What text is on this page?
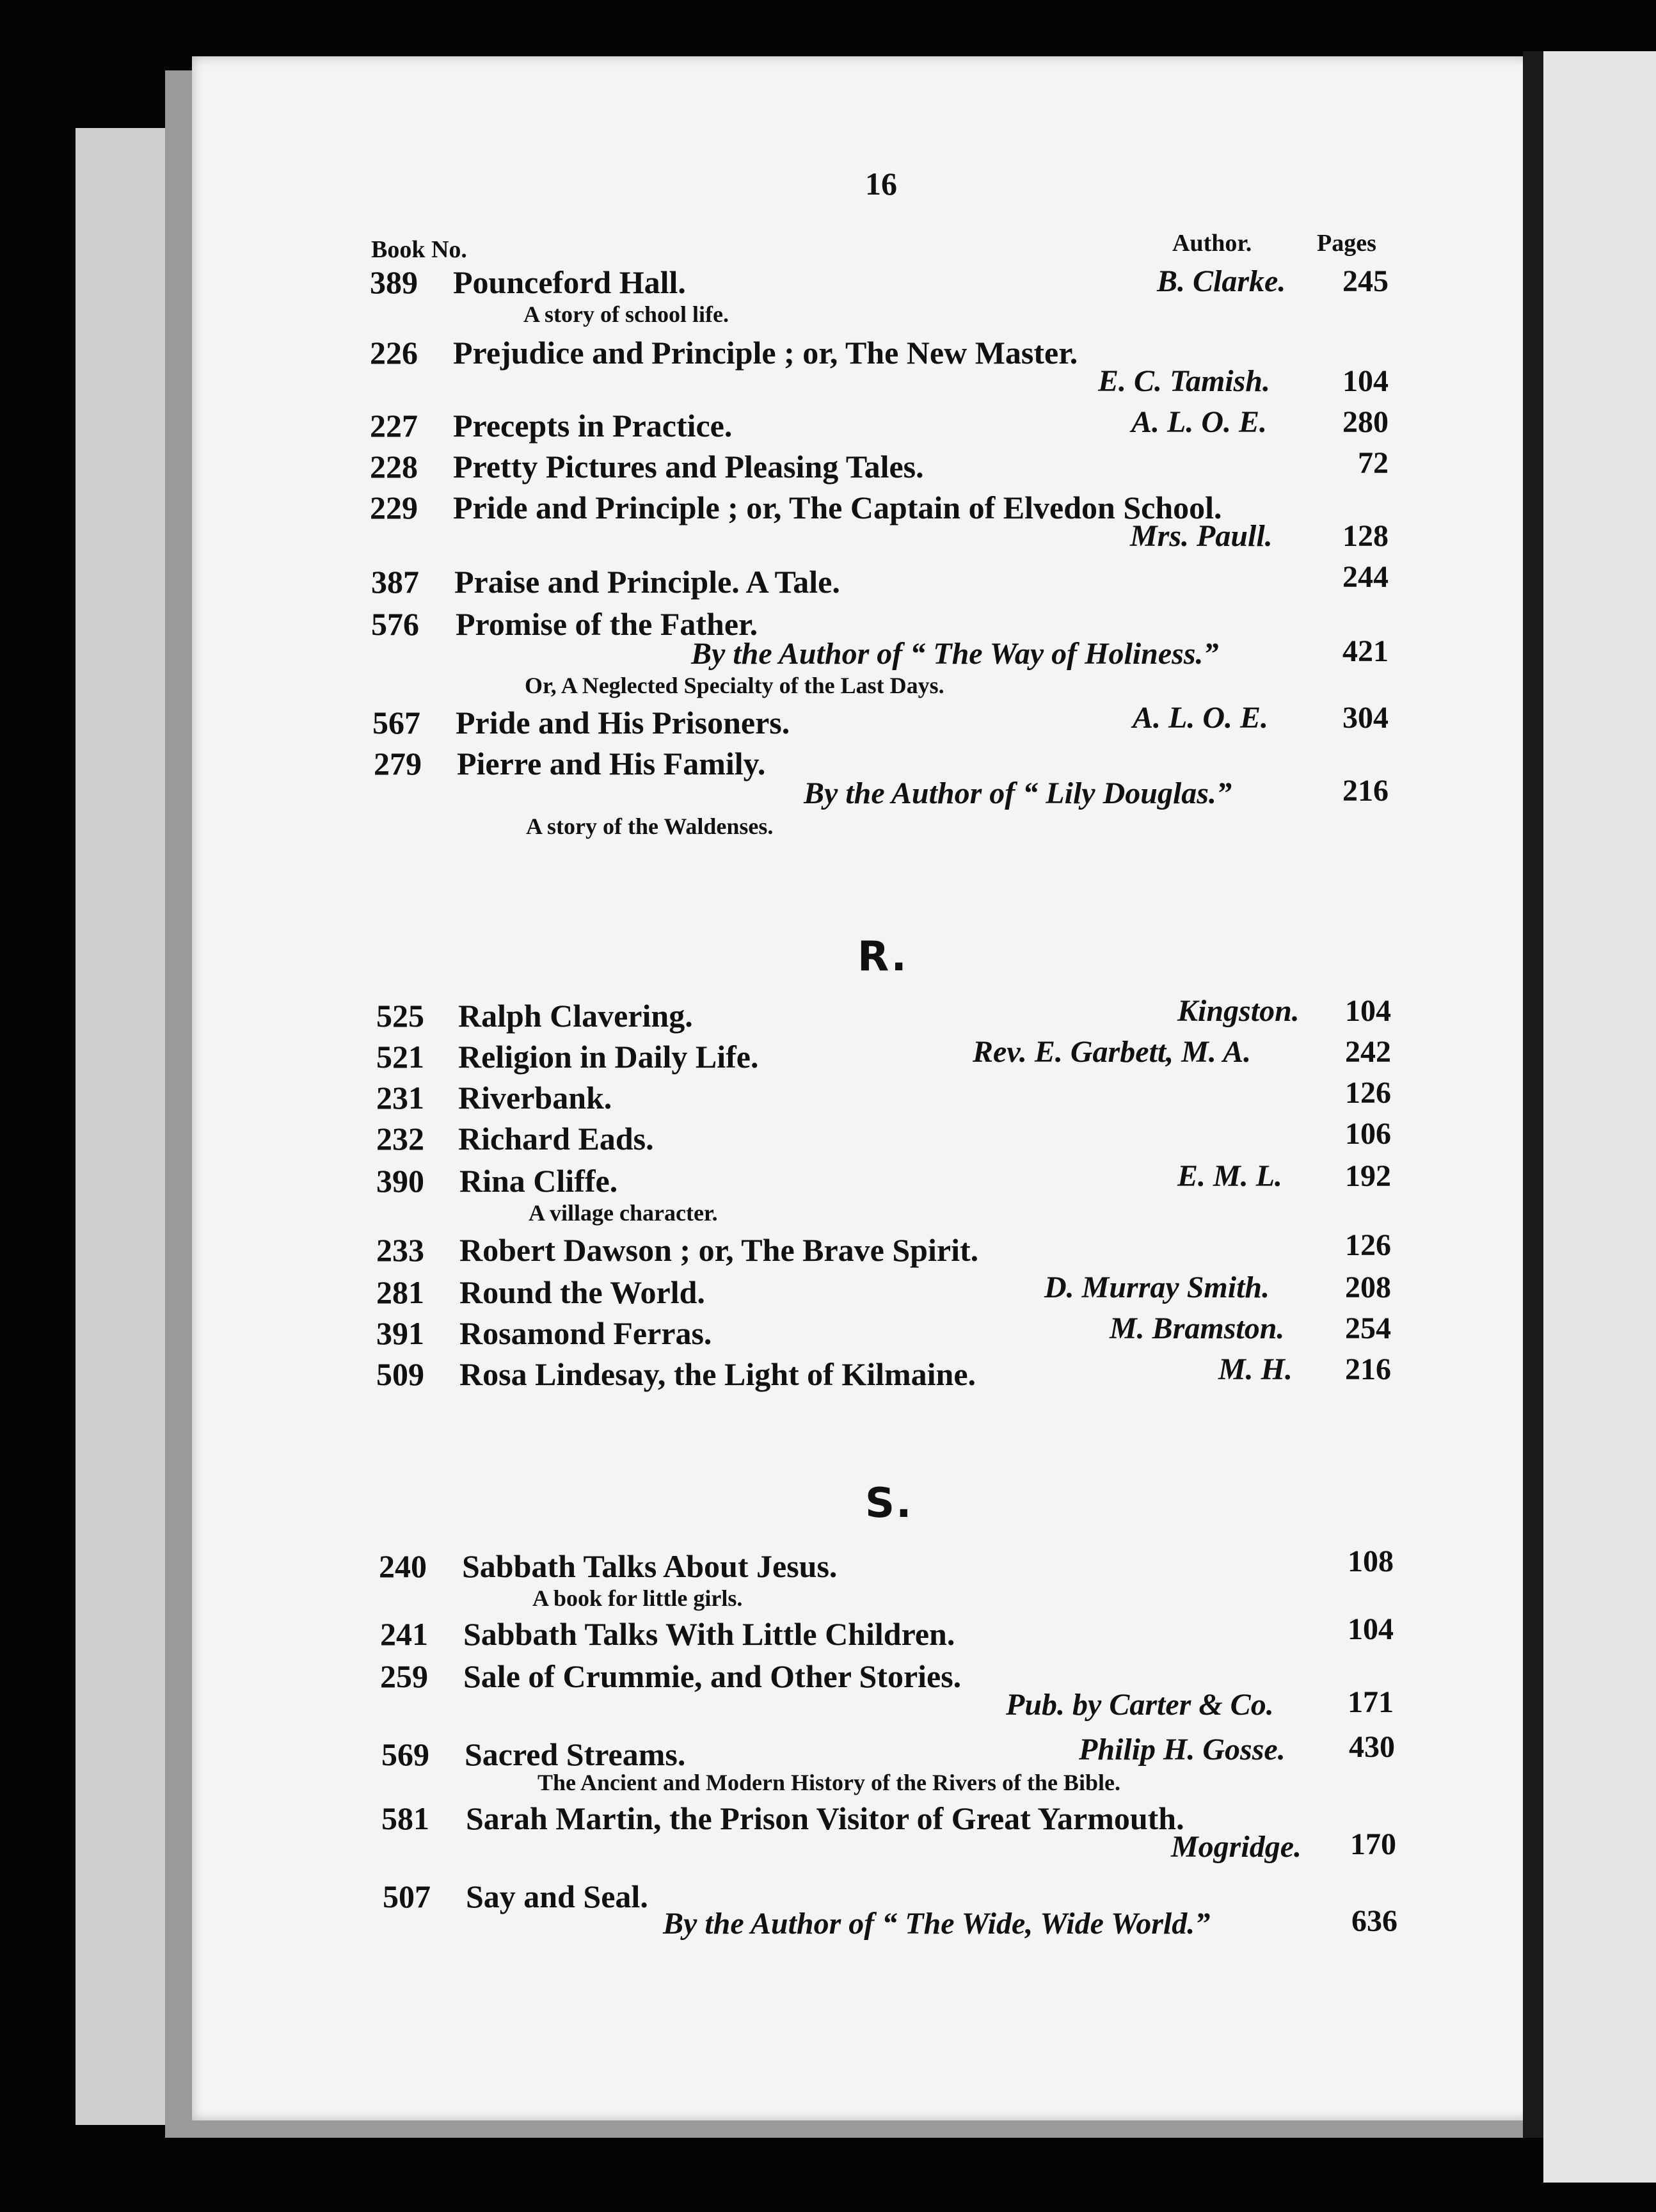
16
Book No.	Author.	Pages
389 Pounceford Hall.	B. Clarke.	245
A story of school life.
226 Prejudice and Principle ; or, The New Master.
E. C. Tamish.	104
227 Precepts in Practice.	A. L. O. E.	280
228 Pretty Pictures and Pleasing Tales.	72
229 Pride and Principle ; or, The Captain of Elvedon School.
Mrs. Paull.	128
387 Praise and Principle. A Tale.	244
576 Promise of the Father.
By the Author of “ The Way of Holiness.”	421
Or, A Neglected Specialty of the Last Days.
567 Pride and His Prisoners.	A. L. O. E.	304
279 Pierre and His Family.
By the Author of “ Lily Douglas.”	216
A story of the Waldenses.
R.
525 Ralph Clavering.	Kingston.	104
521 Religion in Daily Life.	Rev. E. Garbett, M. A.	242
231 Riverbank.	126
232 Richard Eads.	106
390 Rina Cliffe.	E. M. L.	192
A village character.
233 Robert Dawson ; or, The Brave Spirit.	126
281 Round the World.	D. Murray Smith.	208
391 Rosamond Ferras.	M. Bramston.	254
509 Rosa Lindesay, the Light of Kilmaine.	M. H.	216
S.
240 Sabbath Talks About Jesus.	108
A book for little girls.
241 Sabbath Talks With Little Children.	104
259 Sale of Crummie, and Other Stories.
Pub. by Carter & Co.	171
569 Sacred Streams.	Philip H. Gosse.	430
The Ancient and Modern History of the Rivers of the Bible.
581 Sarah Martin, the Prison Visitor of Great Yarmouth.
Mogridge.	170
507 Say and Seal.
By the Author of “ The Wide, Wide World.”	636
